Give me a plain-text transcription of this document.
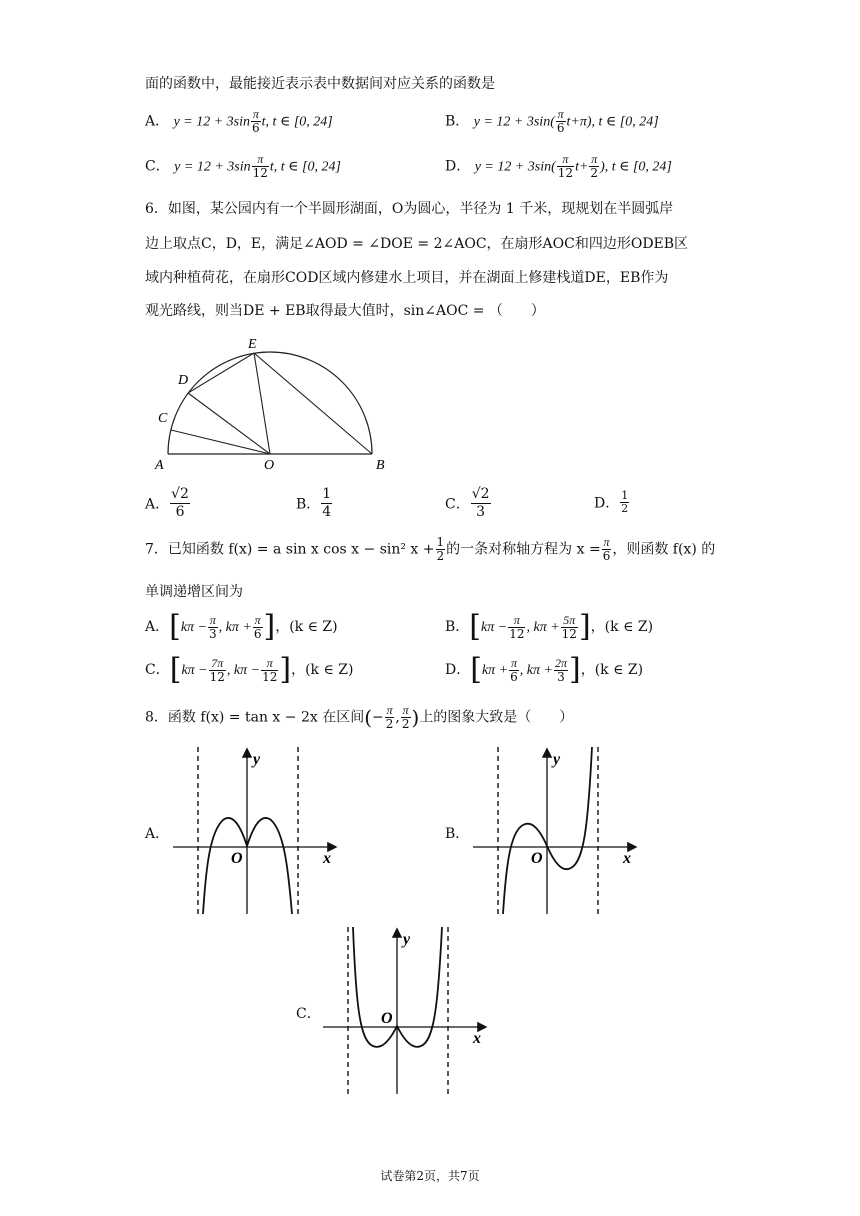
面的函数中，最能接近表示表中数据间对应关系的函数是
A． $y = 12 + 3\sin \frac{\pi}{6} t$, t ∈ [0, 24]	B． $y = 12 + 3\sin( \frac{\pi}{6} t+\pi)$, t ∈ [0, 24]
C． $y = 12 + 3\sin \frac{\pi}{12} t$, t ∈ [0, 24]	D． $y = 12 + 3\sin( \frac{\pi}{12} t+ \frac{\pi}{2}$ ), t ∈ [0, 24]
6．如图，某公园内有一个半圆形湖面，O为圆心，半径为 1 千米，现规划在半圆弧岸
边上取点C，D，E，满足∠AOD = ∠DOE = 2∠AOC，在扇形AOC和四边形ODEB区
域内种植荷花，在扇形COD区域内修建水上项目，并在湖面上修建栈道DE，EB作为
观光路线，则当DE + EB取得最大值时，sin∠AOC = （　　）
A	O	B
C
D
E
A． $\frac{√2}{6}$	B． $\frac{1}{4}$	C． $\frac{√2}{3}$	D． $\frac{1}{2}$
7．已知函数 f(x) = a sin x cos x − sin² $x + \frac{1}{2}$ 的一条对称轴方程为 $x = \frac{\pi}{6}$ ，则函数 f(x) 的
单调递增区间为
A．[$k\pi - \frac{\pi}{3}$ , $k\pi + \frac{\pi}{6}$ ]，(k ∈ Z)	B．[$k\pi - \frac{\pi}{12}$ , $k\pi + \frac{5\pi}{12}$ ]，(k ∈ Z)
C．[$k\pi - \frac{7\pi}{12}$ , $k\pi - \frac{\pi}{12}$ ]，(k ∈ Z)	D．[$k\pi + \frac{\pi}{6}$ , $k\pi + \frac{2\pi}{3}$ ]，(k ∈ Z)
8．函数 f(x) = tan x − 2x 在区间(− $\frac{\pi}{2}$ , $\frac{\pi}{2}$ )上的图象大致是（　　）
A．
y
x
O
B．
y
x
O
C．
y
x
O
试卷第2页，共7页
